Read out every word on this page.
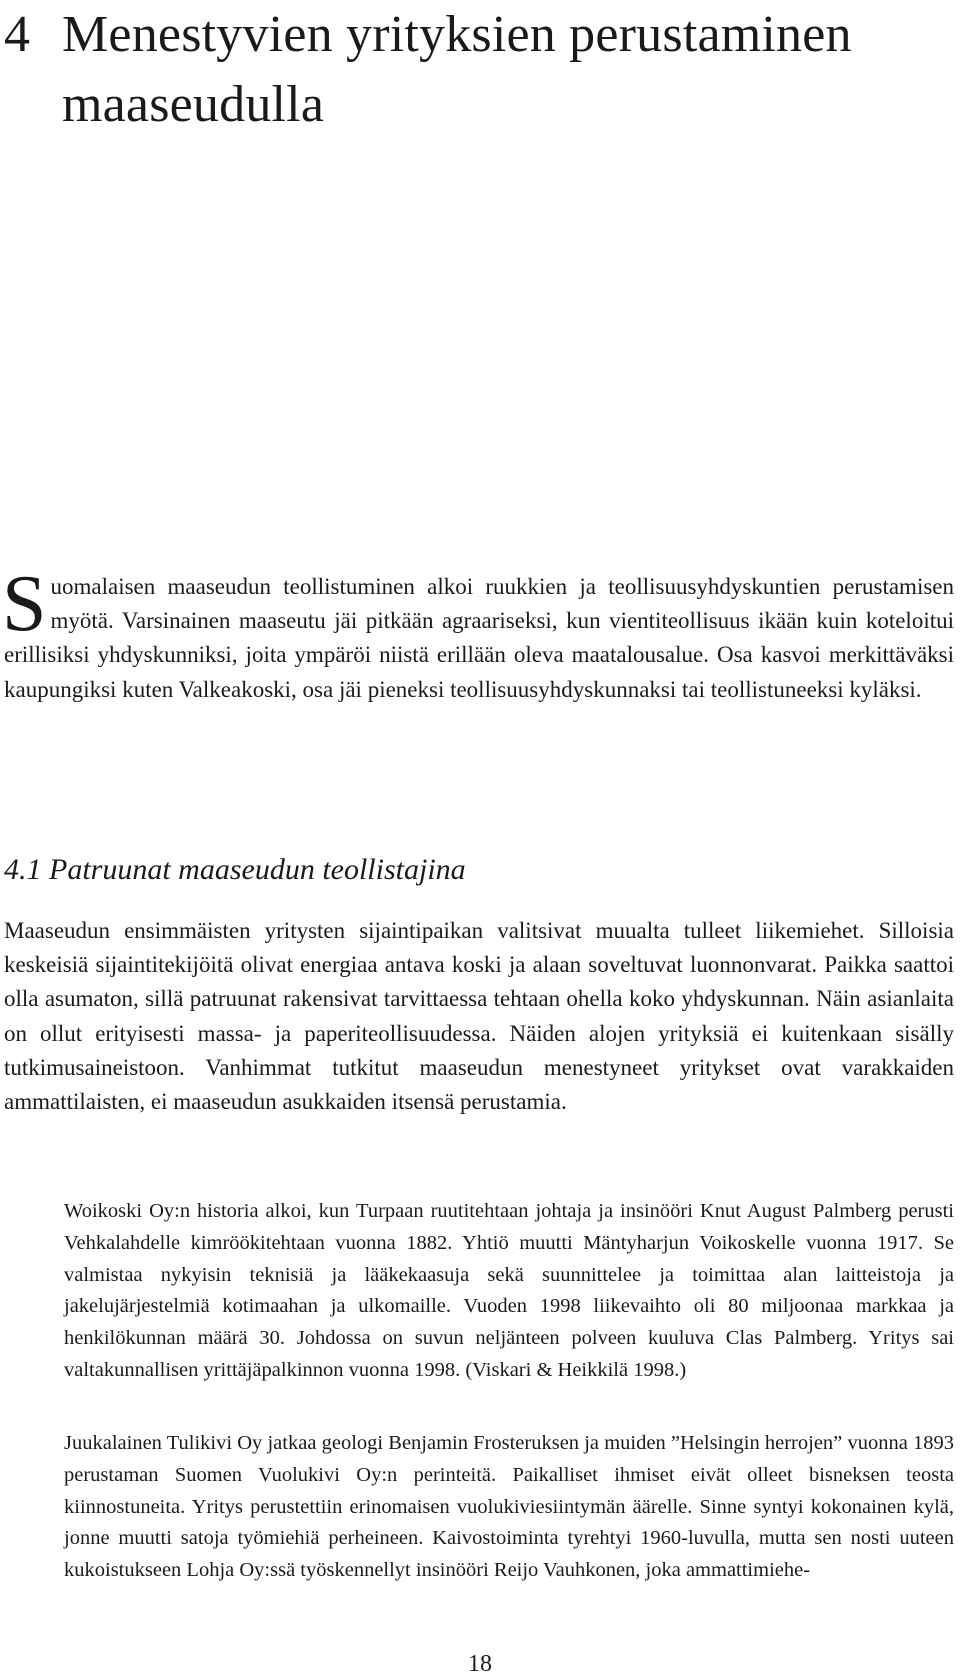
4 Menestyvien yrityksien perustaminen
maaseudulla

Suomalaisen maaseudun teollistuminen alkoi ruukkien ja teollisuusyhdyskuntien perustamisen myötä. Varsinainen maaseutu jäi pitkään agraariseksi, kun vientiteollisuus ikään kuin koteloitui erillisiksi yhdyskunniksi, joita ympäröi niistä erillään oleva maatalousalue. Osa kasvoi merkittäväksi kaupungiksi kuten Valkeakoski, osa jäi pieneksi teollisuusyhdyskunnaksi tai teollistuneeksi kyläksi.

4.1 Patruunat maaseudun teollistajina

Maaseudun ensimmäisten yritysten sijaintipaikan valitsivat muualta tulleet liikemiehet. Silloisia keskeisiä sijaintitekijöitä olivat energiaa antava koski ja alaan soveltuvat luonnonvarat. Paikka saattoi olla asumaton, sillä patruunat rakensivat tarvittaessa tehtaan ohella koko yhdyskunnan. Näin asianlaita on ollut erityisesti massa- ja paperiteollisuudessa. Näiden alojen yrityksiä ei kuitenkaan sisälly tutkimusaineistoon. Vanhimmat tutkitut maaseudun menestyneet yritykset ovat varakkaiden ammattilaisten, ei maaseudun asukkaiden itsensä perustamia.

Woikoski Oy:n historia alkoi, kun Turpaan ruutitehtaan johtaja ja insinööri Knut August Palmberg perusti Vehkalahdelle kimröökitehtaan vuonna 1882. Yhtiö muutti Mäntyharjun Voikoskelle vuonna 1917. Se valmistaa nykyisin teknisiä ja lääkekaasuja sekä suunnittelee ja toimittaa alan laitteistoja ja jakelujärjestelmiä kotimaahan ja ulkomaille. Vuoden 1998 liikevaihto oli 80 miljoonaa markkaa ja henkilökunnan määrä 30. Johdossa on suvun neljänteen polveen kuuluva Clas Palmberg. Yritys sai valtakunnallisen yrittäjäpalkinnon vuonna 1998. (Viskari & Heikkilä 1998.)

Juukalainen Tulikivi Oy jatkaa geologi Benjamin Frosteruksen ja muiden ”Helsingin herrojen” vuonna 1893 perustaman Suomen Vuolukivi Oy:n perinteitä. Paikalliset ihmiset eivät olleet bisneksen teosta kiinnostuneita. Yritys perustettiin erinomaisen vuolukiviesiintymän äärelle. Sinne syntyi kokonainen kylä, jonne muutti satoja työmiehiä perheineen. Kaivostoiminta tyrehtyi 1960-luvulla, mutta sen nosti uuteen kukoistukseen Lohja Oy:ssä työskennellyt insinööri Reijo Vauhkonen, joka ammattimiehe-

18
